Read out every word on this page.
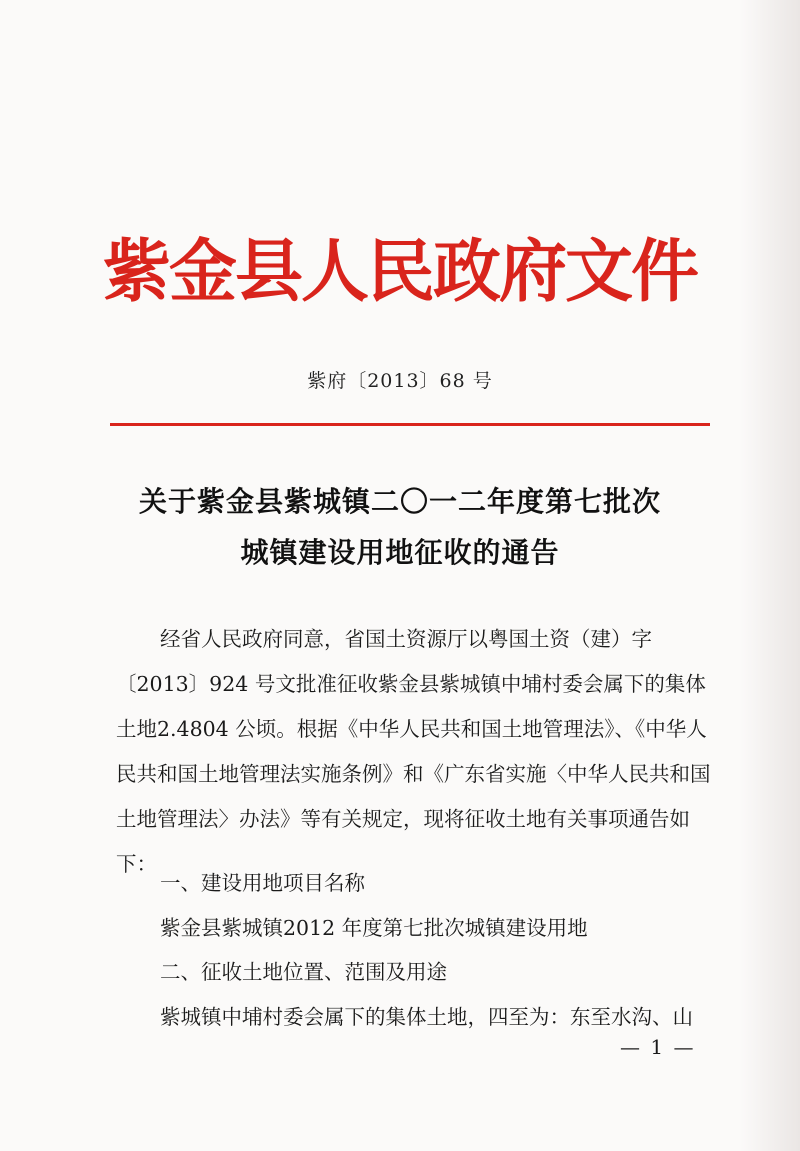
紫金县人民政府文件
紫府〔2013〕68 号
关于紫金县紫城镇二〇一二年度第七批次
城镇建设用地征收的通告
经省人民政府同意，省国土资源厅以粤国土资（建）字〔2013〕924 号文批准征收紫金县紫城镇中埔村委会属下的集体土地2.4804 公顷。根据《中华人民共和国土地管理法》、《中华人民共和国土地管理法实施条例》和《广东省实施〈中华人民共和国土地管理法〉办法》等有关规定，现将征收土地有关事项通告如下：
一、建设用地项目名称
紫金县紫城镇2012 年度第七批次城镇建设用地
二、征收土地位置、范围及用途
紫城镇中埔村委会属下的集体土地，四至为：东至水沟、山
— 1 —
